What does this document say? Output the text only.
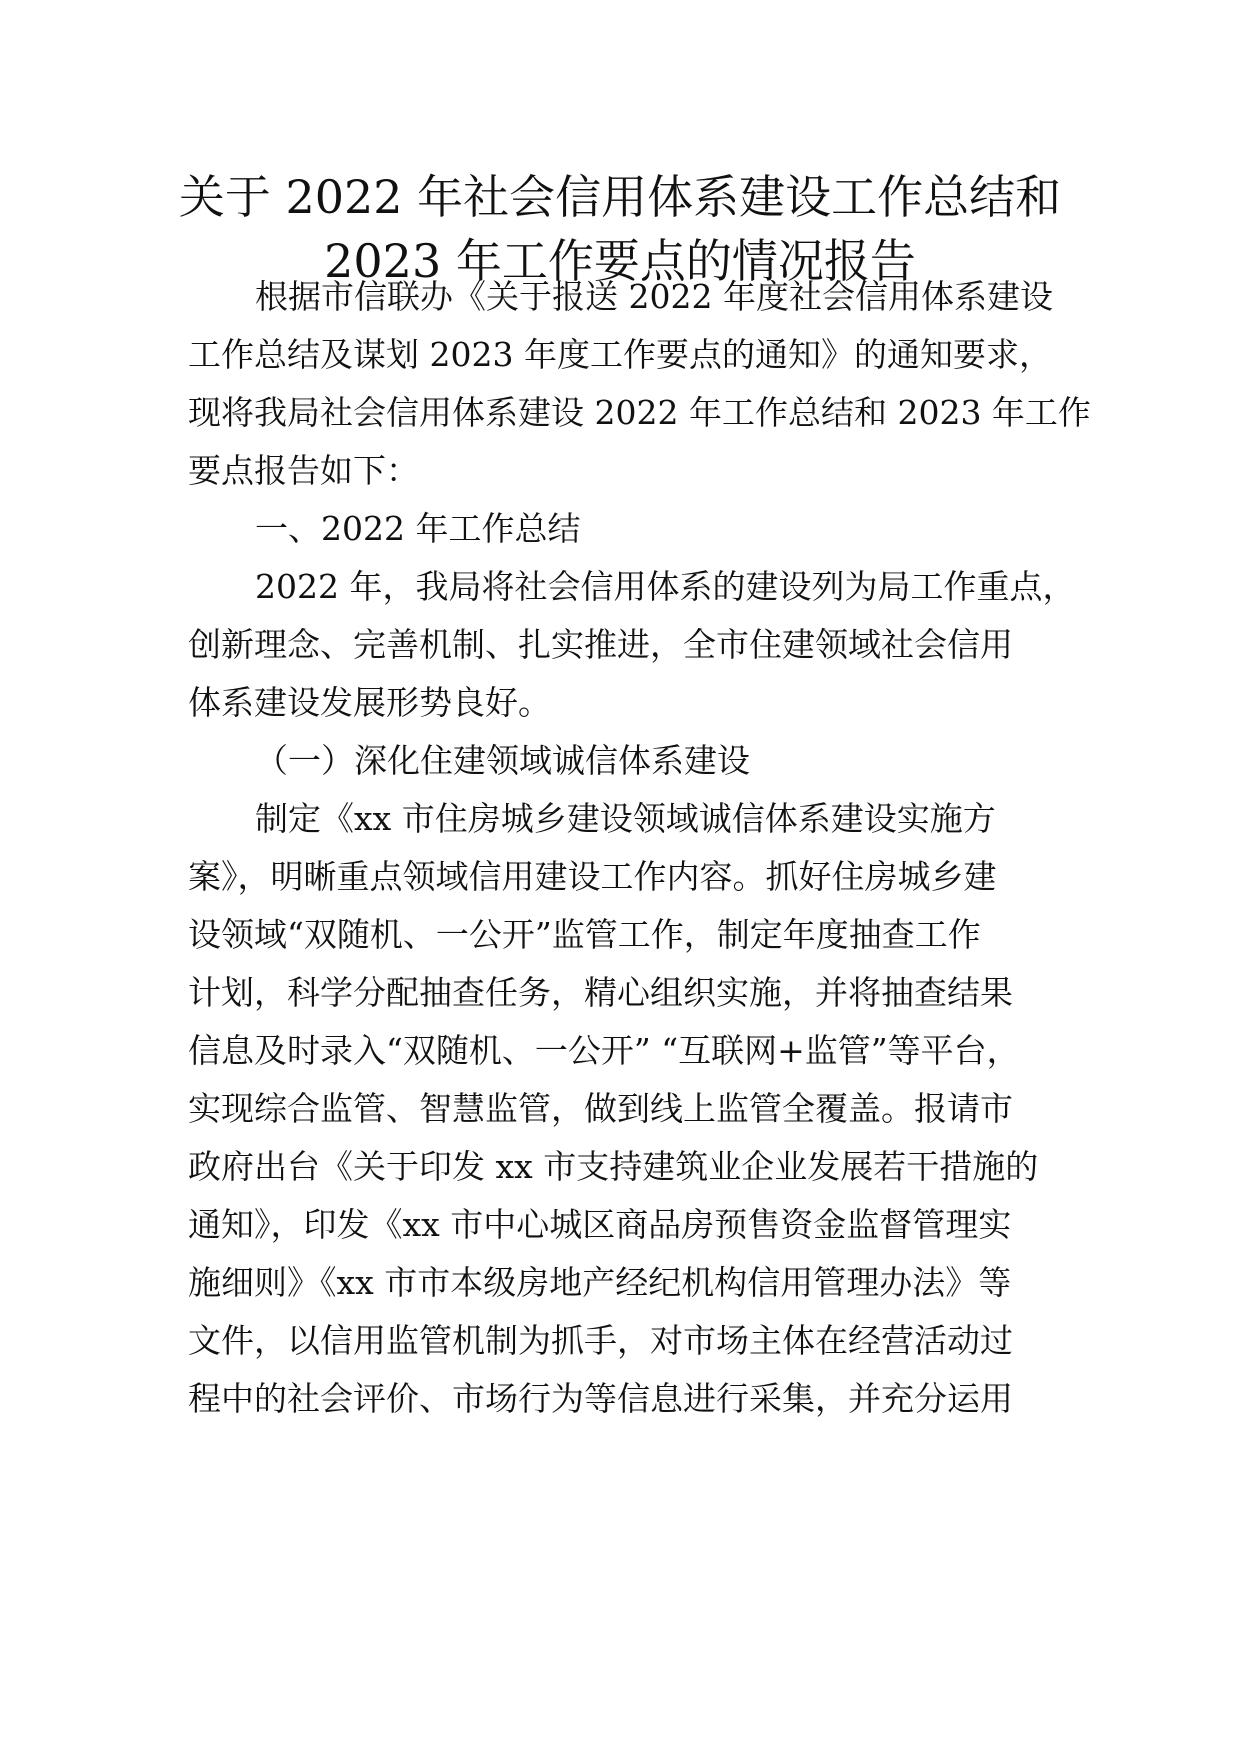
关于 2022 年社会信用体系建设工作总结和
2023 年工作要点的情况报告
根据市信联办《关于报送 2022 年度社会信用体系建设
工作总结及谋划 2023 年度工作要点的通知》的通知要求，
现将我局社会信用体系建设 2022 年工作总结和 2023 年工作
要点报告如下：
一、2022 年工作总结
2022 年，我局将社会信用体系的建设列为局工作重点，
创新理念、完善机制、扎实推进，全市住建领域社会信用
体系建设发展形势良好。
（一）深化住建领域诚信体系建设
制定《xx 市住房城乡建设领域诚信体系建设实施方
案》，明晰重点领域信用建设工作内容。抓好住房城乡建
设领域“双随机、一公开”监管工作，制定年度抽查工作
计划，科学分配抽查任务，精心组织实施，并将抽查结果
信息及时录入“双随机、一公开” “互联网+监管”等平台，
实现综合监管、智慧监管，做到线上监管全覆盖。报请市
政府出台《关于印发 xx 市支持建筑业企业发展若干措施的
通知》，印发《xx 市中心城区商品房预售资金监督管理实
施细则》《xx 市市本级房地产经纪机构信用管理办法》等
文件，以信用监管机制为抓手，对市场主体在经营活动过
程中的社会评价、市场行为等信息进行采集，并充分运用
